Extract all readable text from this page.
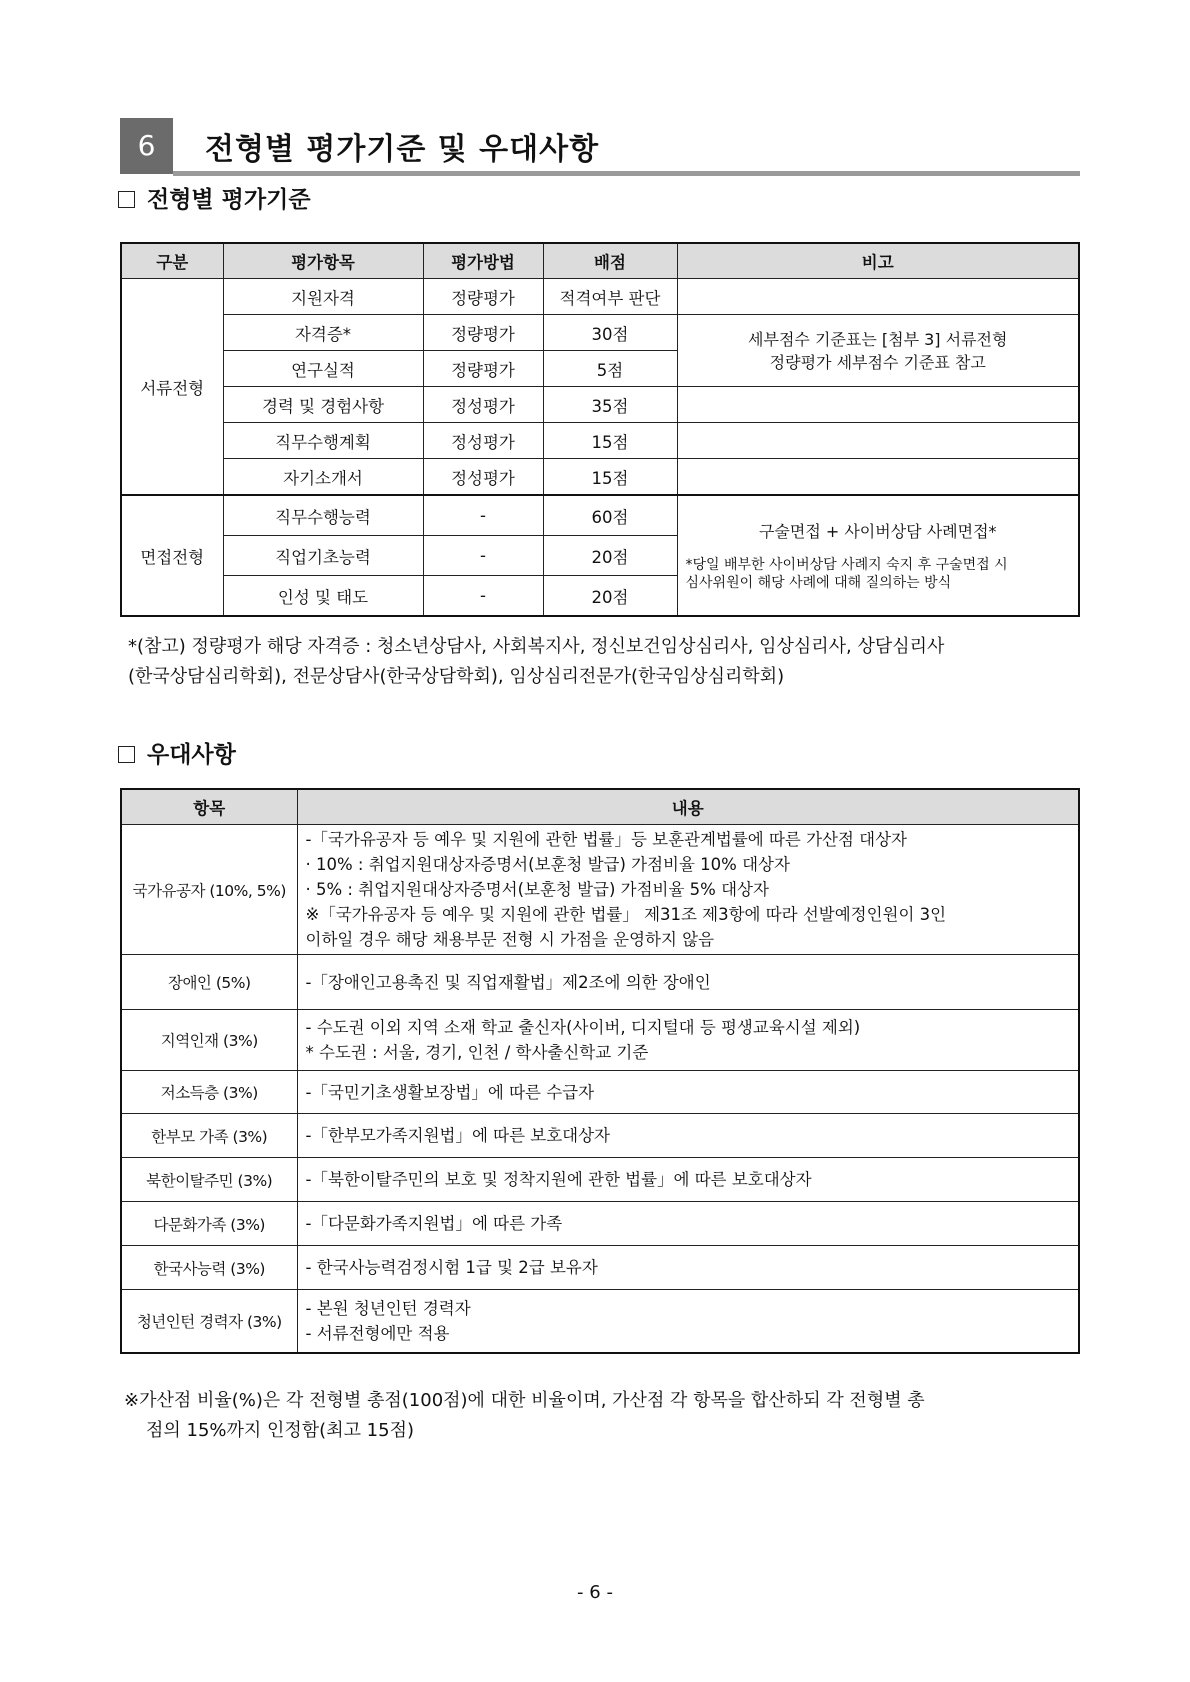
6	전형별 평가기준 및 우대사항
전형별 평가기준
구분	평가항목	평가방법	배점	비고
서류전형	지원자격	정량평가	적격여부 판단	
	자격증*	정량평가	30점	세부점수 기준표는 [첨부 3] 서류전형
정량평가 세부점수 기준표 참고

	연구실적	정량평가	5점	
	경력 및 경험사항	정성평가	35점	
	직무수행계획	정성평가	15점	
	자기소개서	정성평가	15점	
면접전형	직무수행능력	-	60점	구술면접 + 사이버상담 사례면접*
*당일 배부한 사이버상담 사례지 숙지 후 구술면접 시
심사위원이 해당 사례에 대해 질의하는 방식

	직업기초능력	-	20점	
	인성 및 태도	-	20점	
*(참고) 정량평가 해당 자격증 : 청소년상담사, 사회복지사, 정신보건임상심리사, 임상심리사, 상담심리사
(한국상담심리학회), 전문상담사(한국상담학회), 임상심리전문가(한국임상심리학회)
우대사항
항목	내용
국가유공자 (10%, 5%)	-「국가유공자 등 예우 및 지원에 관한 법률」등 보훈관계법률에 따른 가산점 대상자
· 10% : 취업지원대상자증명서(보훈청 발급) 가점비율 10% 대상자
· 5% : 취업지원대상자증명서(보훈청 발급) 가점비율 5% 대상자
※「국가유공자 등 예우 및 지원에 관한 법률」 제31조 제3항에 따라 선발예정인원이 3인
이하일 경우 해당 채용부문 전형 시 가점을 운영하지 않음

장애인 (5%)	-「장애인고용촉진 및 직업재활법」제2조에 의한 장애인

지역인재 (3%)	- 수도권 이외 지역 소재 학교 출신자(사이버, 디지털대 등 평생교육시설 제외)
* 수도권 : 서울, 경기, 인천 / 학사출신학교 기준

저소득층 (3%)	-「국민기초생활보장법」에 따른 수급자

한부모 가족 (3%)	-「한부모가족지원법」에 따른 보호대상자

북한이탈주민 (3%)	-「북한이탈주민의 보호 및 정착지원에 관한 법률」에 따른 보호대상자

다문화가족 (3%)	-「다문화가족지원법」에 따른 가족

한국사능력 (3%)	- 한국사능력검정시험 1급 및 2급 보유자

청년인턴 경력자 (3%)	- 본원 청년인턴 경력자
- 서류전형에만 적용
※가산점 비율(%)은 각 전형별 총점(100점)에 대한 비율이며, 가산점 각 항목을 합산하되 각 전형별 총
점의 15%까지 인정함(최고 15점)
- 6 -
